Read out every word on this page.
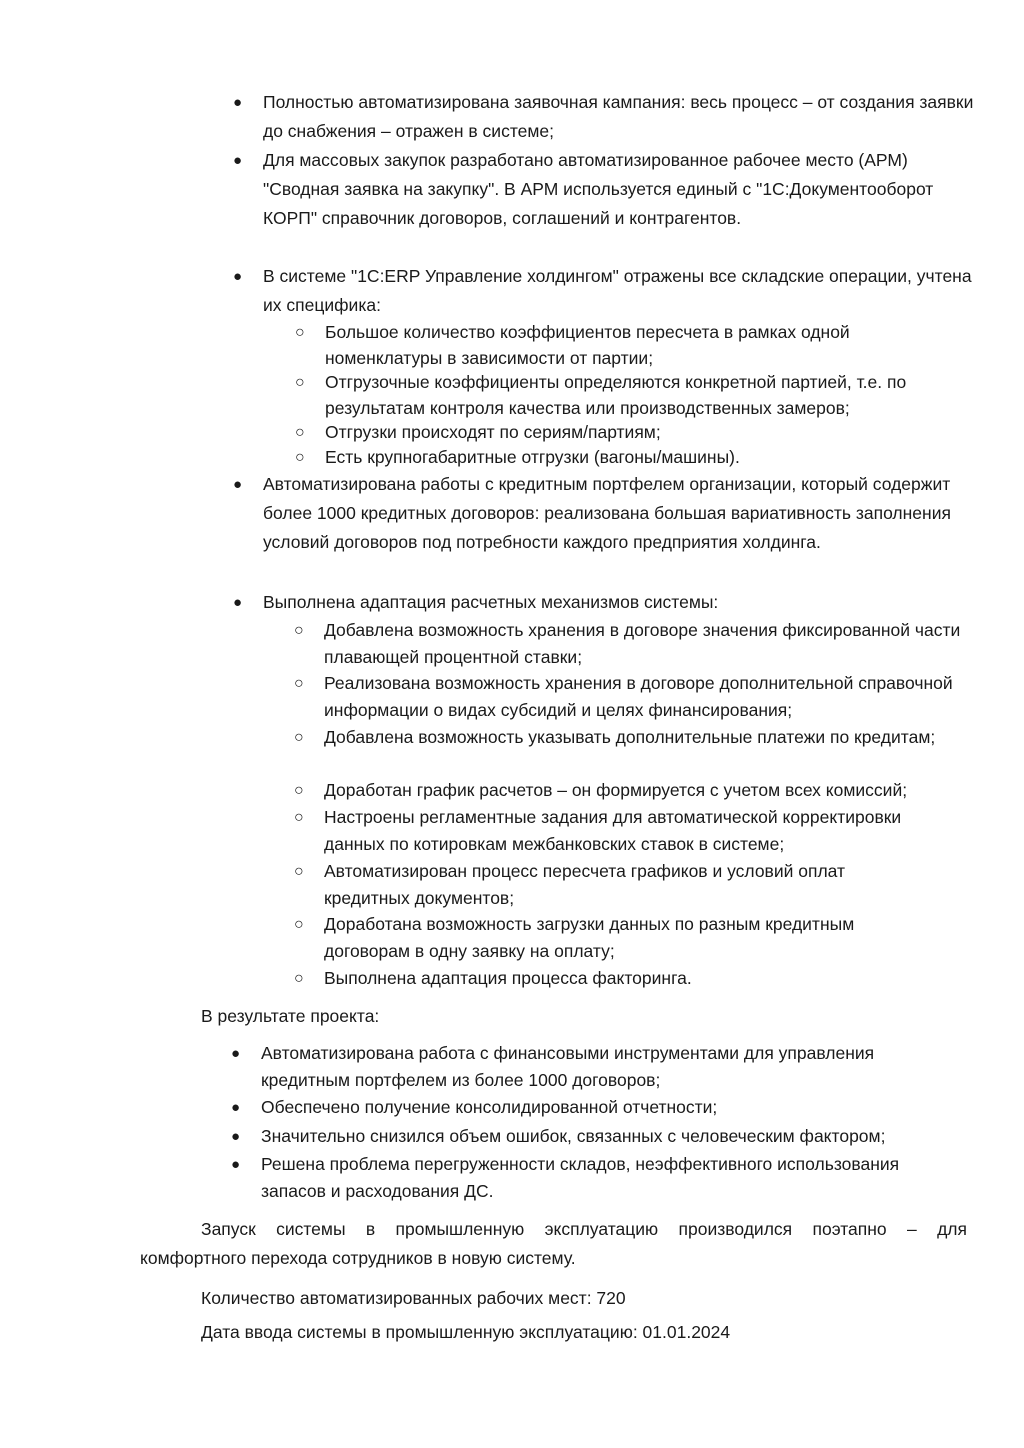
● Полностью автоматизирована заявочная кампания: весь процесс – от создания заявки до снабжения – отражен в системе;
● Для массовых закупок разработано автоматизированное рабочее место (АРМ) "Сводная заявка на закупку". В АРМ используется единый с "1С:Документооборот КОРП" справочник договоров, соглашений и контрагентов.
● В системе "1С:ERP Управление холдингом" отражены все складские операции, учтена их специфика:
○ Большое количество коэффициентов пересчета в рамках одной номенклатуры в зависимости от партии;
○ Отгрузочные коэффициенты определяются конкретной партией, т.е. по результатам контроля качества или производственных замеров;
○ Отгрузки происходят по сериям/партиям;
○ Есть крупногабаритные отгрузки (вагоны/машины).
● Автоматизирована работы с кредитным портфелем организации, который содержит более 1000 кредитных договоров: реализована большая вариативность заполнения условий договоров под потребности каждого предприятия холдинга.
● Выполнена адаптация расчетных механизмов системы:
○ Добавлена возможность хранения в договоре значения фиксированной части плавающей процентной ставки;
○ Реализована возможность хранения в договоре дополнительной справочной информации о видах субсидий и целях финансирования;
○ Добавлена возможность указывать дополнительные платежи по кредитам;
○ Доработан график расчетов – он формируется с учетом всех комиссий;
○ Настроены регламентные задания для автоматической корректировки данных по котировкам межбанковских ставок в системе;
○ Автоматизирован процесс пересчета графиков и условий оплат кредитных документов;
○ Доработана возможность загрузки данных по разным кредитным договорам в одну заявку на оплату;
○ Выполнена адаптация процесса факторинга.
В результате проекта:
● Автоматизирована работа с финансовыми инструментами для управления кредитным портфелем из более 1000 договоров;
● Обеспечено получение консолидированной отчетности;
● Значительно снизился объем ошибок, связанных с человеческим фактором;
● Решена проблема перегруженности складов, неэффективного использования запасов и расходования ДС.
Запуск системы в промышленную эксплуатацию производился поэтапно – для
комфортного перехода сотрудников в новую систему.
Количество автоматизированных рабочих мест: 720
Дата ввода системы в промышленную эксплуатацию: 01.01.2024
